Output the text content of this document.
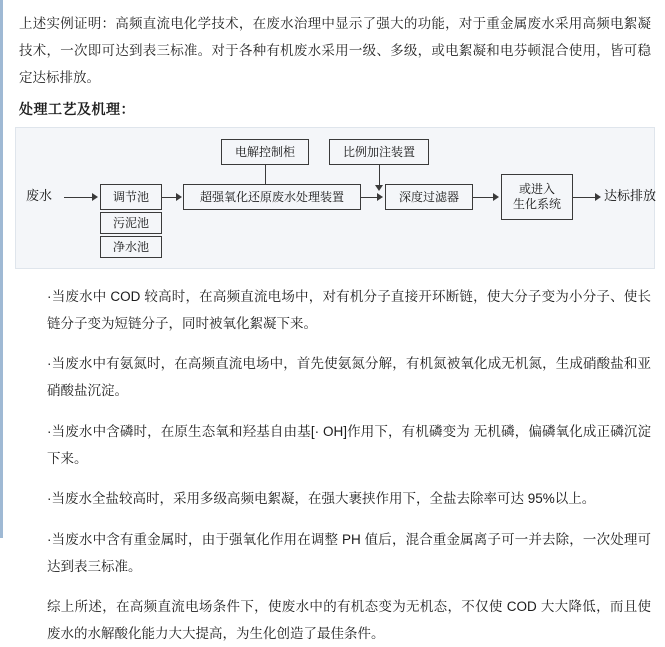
上述实例证明：高频直流电化学技术，在废水治理中显示了强大的功能，对于重金属废水采用高频电絮凝技术，一次即可达到表三标准。对于各种有机废水采用一级、多级，或电絮凝和电芬顿混合使用，皆可稳定达标排放。

处理工艺及机理：
电解控制柜	比例加注装置
废水	调节池
污泥池
净水池
超强氧化还原废水处理装置	深度过滤器
或进入
生化系统
达标排放

·当废水中 COD 较高时，在高频直流电场中，对有机分子直接开环断链，使大分子变为小分子、使长链分子变为短链分子，同时被氧化絮凝下来。

·当废水中有氨氮时，在高频直流电场中，首先使氨氮分解，有机氮被氧化成无机氮，生成硝酸盐和亚硝酸盐沉淀。

·当废水中含磷时，在原生态氧和羟基自由基[· OH]作用下，有机磷变为 无机磷，偏磷氧化成正磷沉淀下来。

·当废水全盐较高时，采用多级高频电絮凝，在强大裹挟作用下，全盐去除率可达 95%以上。

·当废水中含有重金属时，由于强氧化作用在调整 PH 值后，混合重金属离子可一并去除，一次处理可达到表三标准。

综上所述，在高频直流电场条件下，使废水中的有机态变为无机态，不仅使 COD 大大降低，而且使废水的水解酸化能力大大提高，为生化创造了最佳条件。
